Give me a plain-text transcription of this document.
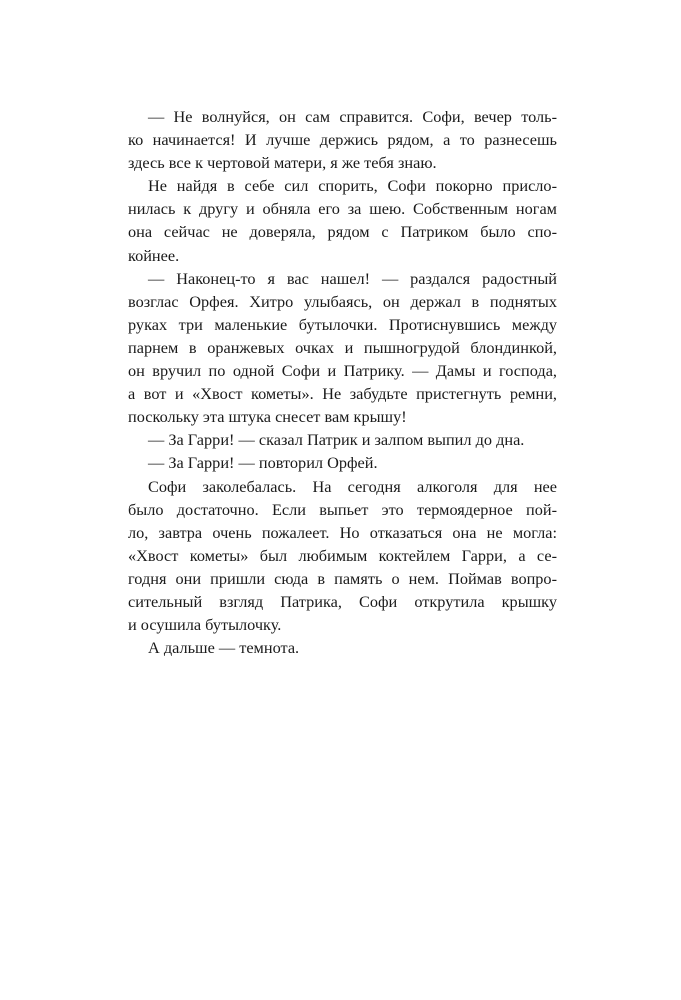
— Не волнуйся, он сам справится. Софи, вечер толь-
ко начинается! И лучше держись рядом, а то разнесешь
здесь все к чертовой матери, я же тебя знаю.
Не найдя в себе сил спорить, Софи покорно присло-
нилась к другу и обняла его за шею. Собственным ногам
она сейчас не доверяла, рядом с Патриком было спо-
койнее.
— Наконец-то я вас нашел! — раздался радостный
возглас Орфея. Хитро улыбаясь, он держал в поднятых
руках три маленькие бутылочки. Протиснувшись между
парнем в оранжевых очках и пышногрудой блондинкой,
он вручил по одной Софи и Патрику. — Дамы и господа,
а вот и «Хвост кометы». Не забудьте пристегнуть ремни,
поскольку эта штука снесет вам крышу!
— За Гарри! — сказал Патрик и залпом выпил до дна.
— За Гарри! — повторил Орфей.
Софи заколебалась. На сегодня алкоголя для нее
было достаточно. Если выпьет это термоядерное пой-
ло, завтра очень пожалеет. Но отказаться она не могла:
«Хвост кометы» был любимым коктейлем Гарри, а се-
годня они пришли сюда в память о нем. Поймав вопро-
сительный взгляд Патрика, Софи открутила крышку
и осушила бутылочку.
А дальше — темнота.
